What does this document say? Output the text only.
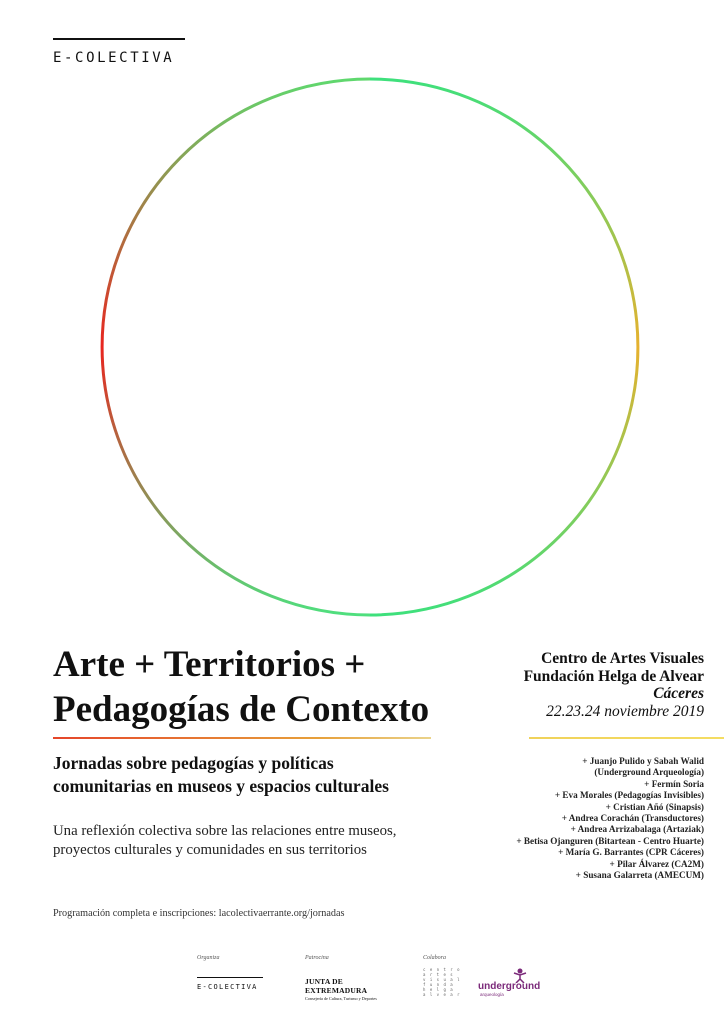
E-COLECTIVA
Arte + Territorios +
Pedagogías de Contexto
Centro de Artes Visuales
Fundación Helga de Alvear
Cáceres
22.23.24 noviembre 2019
Jornadas sobre pedagogías y políticas
comunitarias en museos y espacios culturales
Una reflexión colectiva sobre las relaciones entre museos,
proyectos culturales y comunidades en sus territorios
+ Juanjo Pulido y Sabah Walid
(Underground Arqueología)
+ Fermín Soria
+ Eva Morales (Pedagogías Invisibles)
+ Cristian Añó (Sinapsis)
+ Andrea Corachán (Transductores)
+ Andrea Arrizabalaga (Artaziak)
+ Betisa Ojanguren (Bitartean - Centro Huarte)
+ María G. Barrantes (CPR Cáceres)
+ Pilar Álvarez (CA2M)
+ Susana Galarreta (AMECUM)
Programación completa e inscripciones: lacolectivaerrante.org/jornadas
Organiza	Patrocina	Colabora
E-COLECTIVA
JUNTA DE EXTREMADURA
Consejería de Cultura, Turismo y Deportes
c e n t r o
a r t e s
v i s u a l
f u n d a
h e l g a
a l v e a r
underground
arqueología
